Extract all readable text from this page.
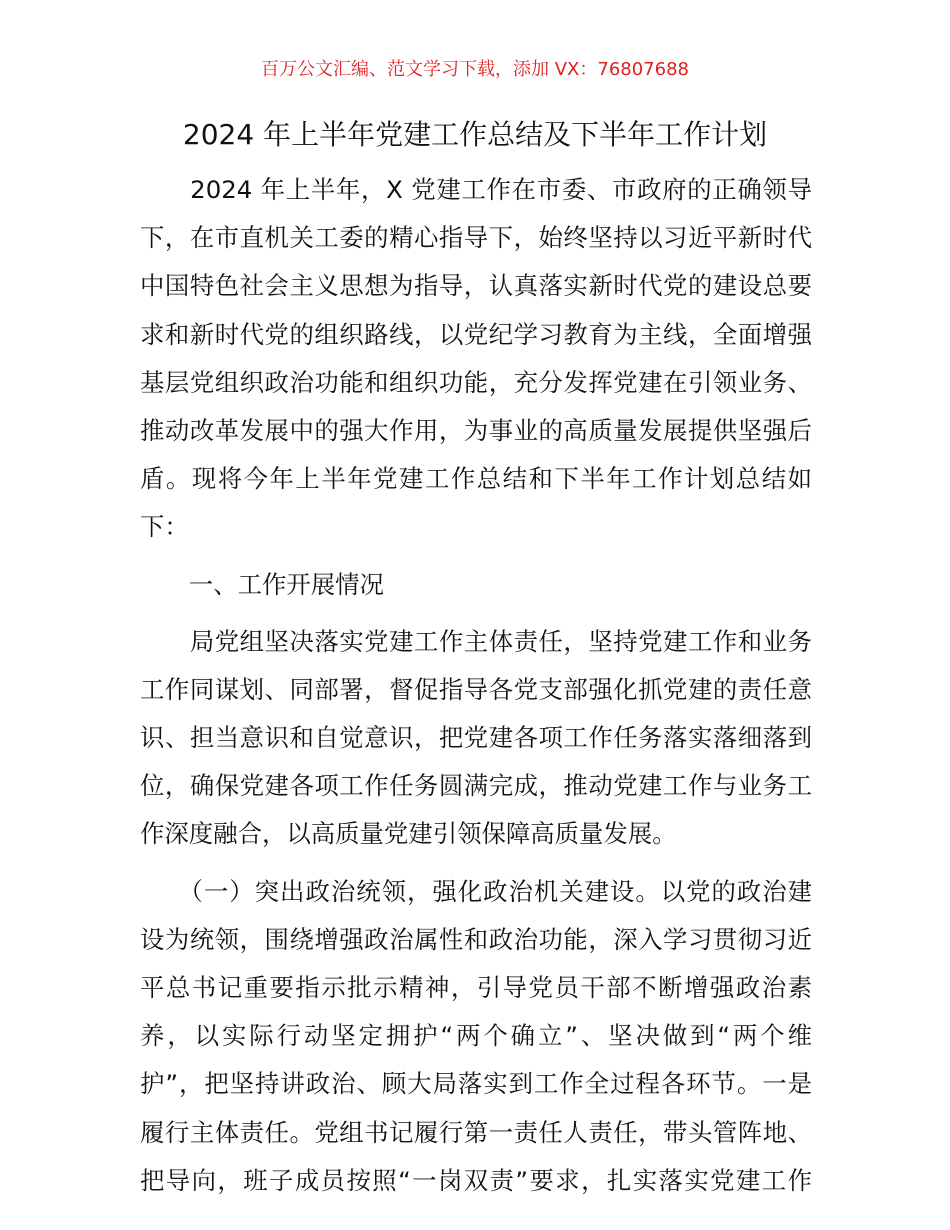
百万公文汇编、范文学习下载，添加 VX：76807688
2024 年上半年党建工作总结及下半年工作计划
　　2024 年上半年，X 党建工作在市委、市政府的正确领导
下，在市直机关工委的精心指导下，始终坚持以习近平新时代
中国特色社会主义思想为指导，认真落实新时代党的建设总要
求和新时代党的组织路线，以党纪学习教育为主线，全面增强
基层党组织政治功能和组织功能，充分发挥党建在引领业务、
推动改革发展中的强大作用，为事业的高质量发展提供坚强后
盾。现将今年上半年党建工作总结和下半年工作计划总结如
下：
　　一、工作开展情况
　　局党组坚决落实党建工作主体责任，坚持党建工作和业务
工作同谋划、同部署，督促指导各党支部强化抓党建的责任意
识、担当意识和自觉意识，把党建各项工作任务落实落细落到
位，确保党建各项工作任务圆满完成，推动党建工作与业务工
作深度融合，以高质量党建引领保障高质量发展。
　　（一）突出政治统领，强化政治机关建设。以党的政治建
设为统领，围绕增强政治属性和政治功能，深入学习贯彻习近
平总书记重要指示批示精神，引导党员干部不断增强政治素
养，以实际行动坚定拥护“两个确立”、坚决做到“两个维
护”，把坚持讲政治、顾大局落实到工作全过程各环节。一是
履行主体责任。党组书记履行第一责任人责任，带头管阵地、
把导向，班子成员按照“一岗双责”要求，扎实落实党建工作
